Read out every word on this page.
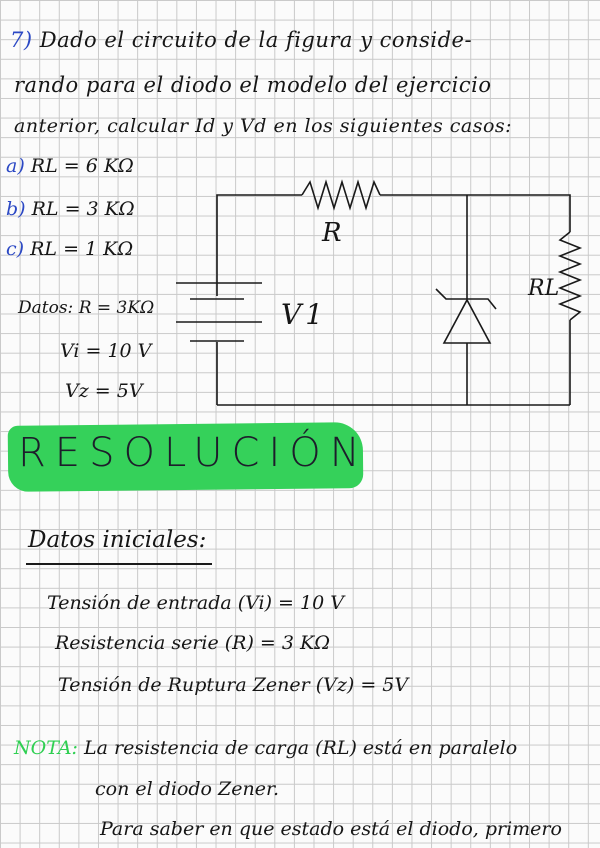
7) Dado el circuito de la figura y conside-
rando para el diodo el modelo del ejercicio
anterior, calcular Id y Vd en los siguientes casos:
a) RL = 6 KΩ
b) RL = 3 KΩ
c) RL = 1 KΩ
Datos: R = 3KΩ
Vi = 10 V
Vz = 5V
R
V1
RL
RESOLUCIÓN
Datos iniciales:
Tensión de entrada (Vi) = 10 V
Resistencia serie (R) = 3 KΩ
Tensión de Ruptura Zener (Vz) = 5V
NOTA: La resistencia de carga (RL) está en paralelo
con el diodo Zener.
Para saber en que estado está el diodo, primero
